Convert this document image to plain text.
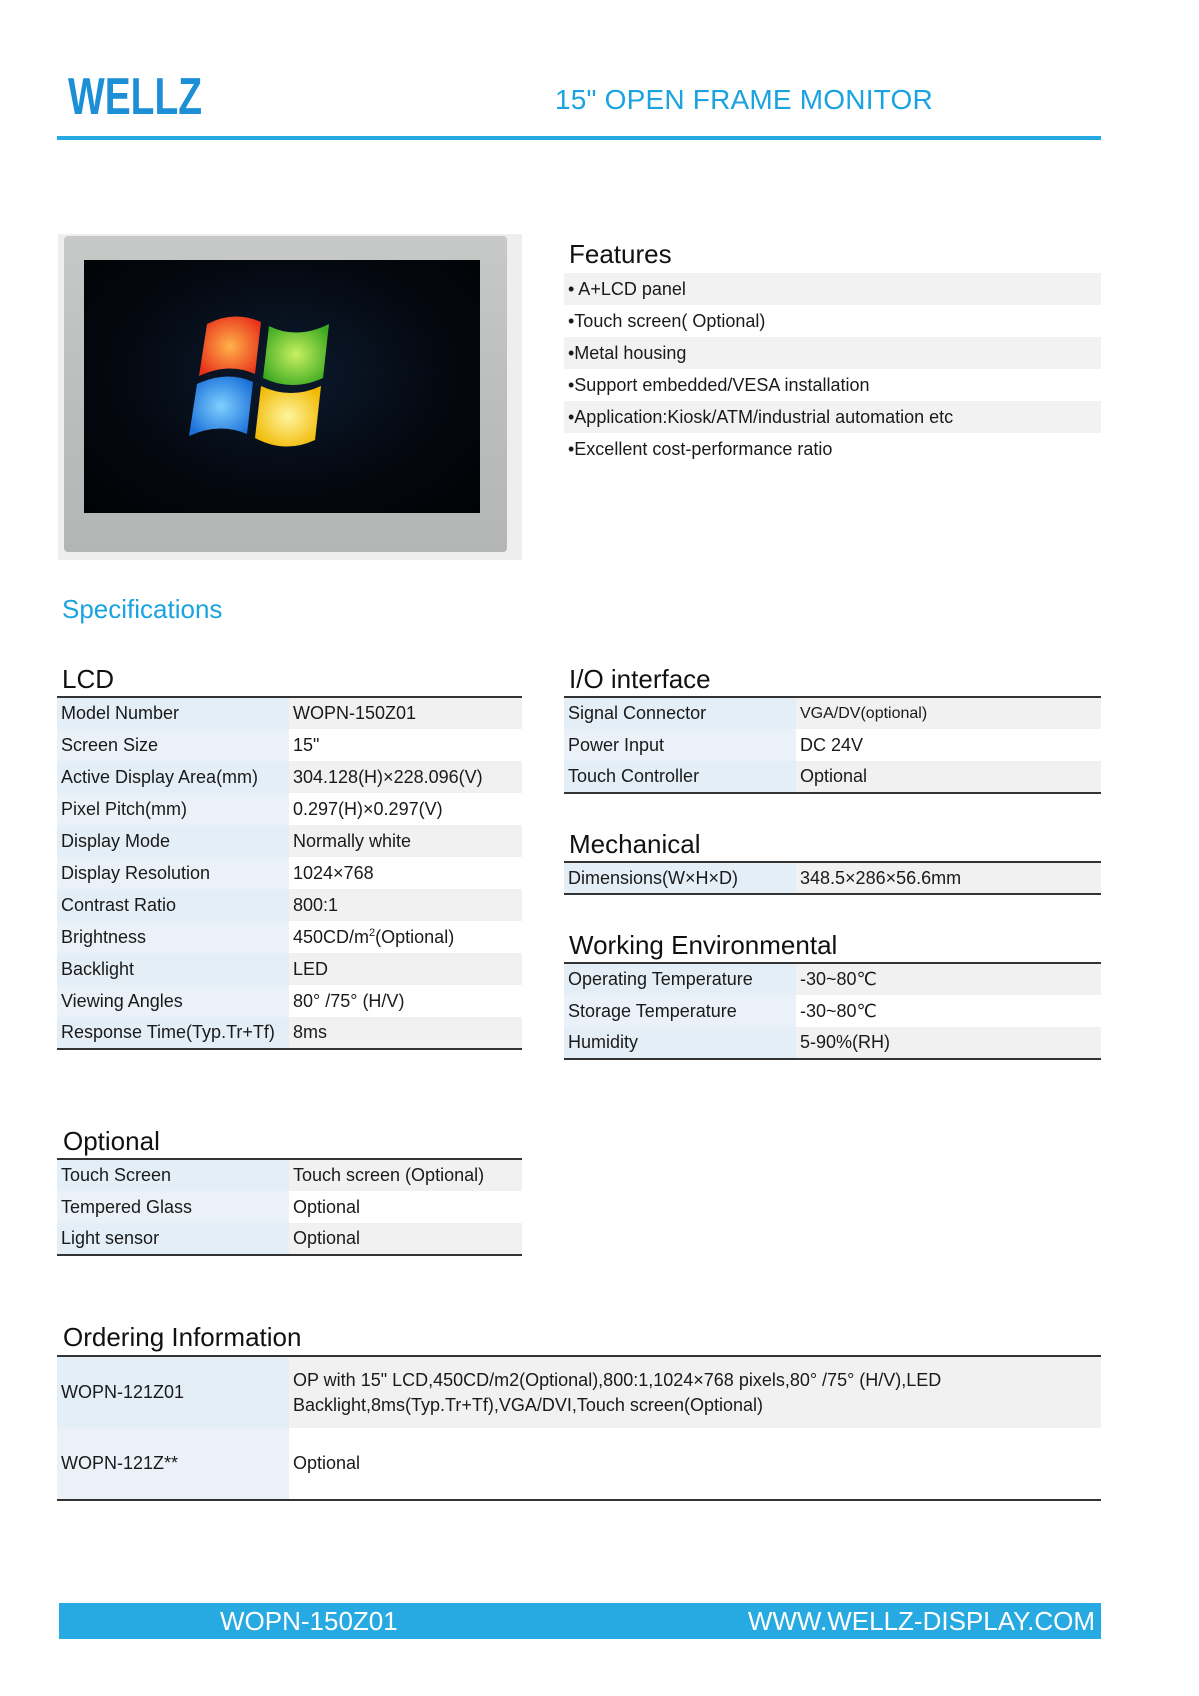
WELLZ	15" OPEN FRAME MONITOR
Features
• A+LCD panel
•Touch screen( Optional)
•Metal housing
•Support embedded/VESA installation
•Application:Kiosk/ATM/industrial automation etc
•Excellent cost-performance ratio
Specifications
LCD
Model Number	WOPN-150Z01
Screen Size	15"
Active Display Area(mm)	304.128(H)×228.096(V)
Pixel Pitch(mm)	0.297(H)×0.297(V)
Display Mode	Normally white
Display Resolution	1024×768
Contrast Ratio	800:1
Brightness	$450CD/m^2(Optional)$
Backlight	LED
Viewing Angles	80° /75° (H/V)
Response Time(Typ.Tr+Tf)	8ms
I/O interface
Signal Connector	VGA/DV(optional)
Power Input	DC 24V
Touch Controller	Optional
Mechanical
Dimensions(W×H×D)	348.5×286×56.6mm
Working Environmental
Operating Temperature	-30~80℃
Storage Temperature	-30~80℃
Humidity	5-90%(RH)
Optional
Touch Screen	Touch screen (Optional)
Tempered Glass	Optional
Light sensor	Optional
Ordering Information
WOPN-121Z01	OP with 15" LCD,450CD/m2(Optional),800:1,1024×768 pixels,80° /75° (H/V),LED
Backlight,8ms(Typ.Tr+Tf),VGA/DVI,Touch screen(Optional)

WOPN-121Z**	Optional
WOPN-150Z01	WWW.WELLZ-DISPLAY.COM
